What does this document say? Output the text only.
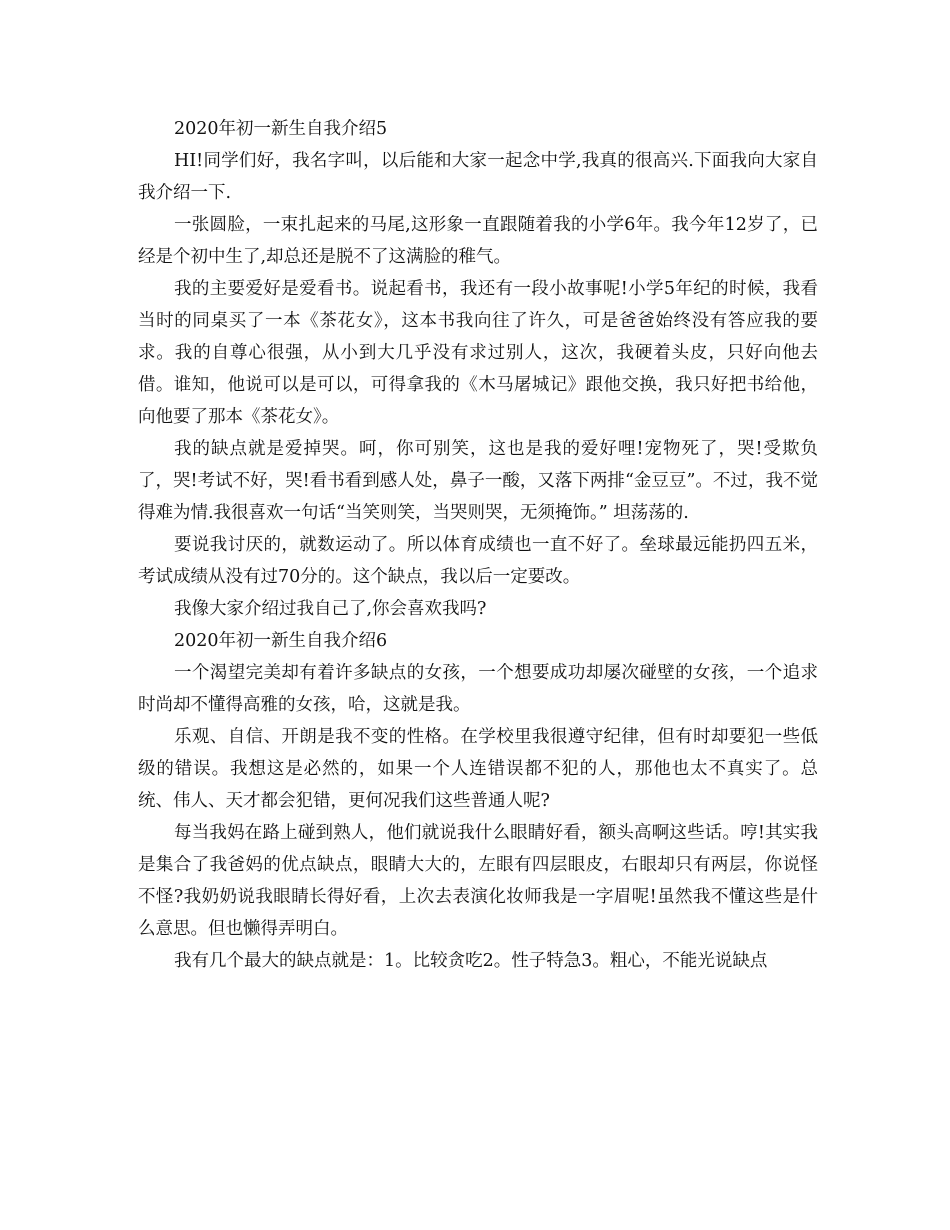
2020年初一新生自我介绍5

HI!同学们好，我名字叫，以后能和大家一起念中学,我真的很高兴.下面我向大家自我介绍一下.

一张圆脸，一束扎起来的马尾,这形象一直跟随着我的小学6年。我今年12岁了，已经是个初中生了,却总还是脱不了这满脸的稚气。

我的主要爱好是爱看书。说起看书，我还有一段小故事呢!小学5年纪的时候，我看当时的同桌买了一本《茶花女》，这本书我向往了许久，可是爸爸始终没有答应我的要求。我的自尊心很强，从小到大几乎没有求过别人，这次，我硬着头皮，只好向他去借。谁知，他说可以是可以，可得拿我的《木马屠城记》跟他交换，我只好把书给他，向他要了那本《茶花女》。

我的缺点就是爱掉哭。呵，你可别笑，这也是我的爱好哩!宠物死了，哭!受欺负了，哭!考试不好，哭!看书看到感人处，鼻子一酸，又落下两排“金豆豆”。不过，我不觉得难为情.我很喜欢一句话“当笑则笑，当哭则哭，无须掩饰。” 坦荡荡的.

要说我讨厌的，就数运动了。所以体育成绩也一直不好了。垒球最远能扔四五米，考试成绩从没有过70分的。这个缺点，我以后一定要改。

我像大家介绍过我自己了,你会喜欢我吗?

2020年初一新生自我介绍6

一个渴望完美却有着许多缺点的女孩，一个想要成功却屡次碰壁的女孩，一个追求时尚却不懂得高雅的女孩，哈，这就是我。

乐观、自信、开朗是我不变的性格。在学校里我很遵守纪律，但有时却要犯一些低级的错误。我想这是必然的，如果一个人连错误都不犯的人，那他也太不真实了。总统、伟人、天才都会犯错，更何况我们这些普通人呢?

每当我妈在路上碰到熟人，他们就说我什么眼睛好看，额头高啊这些话。哼!其实我是集合了我爸妈的优点缺点，眼睛大大的，左眼有四层眼皮，右眼却只有两层，你说怪不怪?我奶奶说我眼睛长得好看，上次去表演化妆师我是一字眉呢!虽然我不懂这些是什么意思。但也懒得弄明白。

我有几个最大的缺点就是：1。比较贪吃2。性子特急3。粗心，不能光说缺点
